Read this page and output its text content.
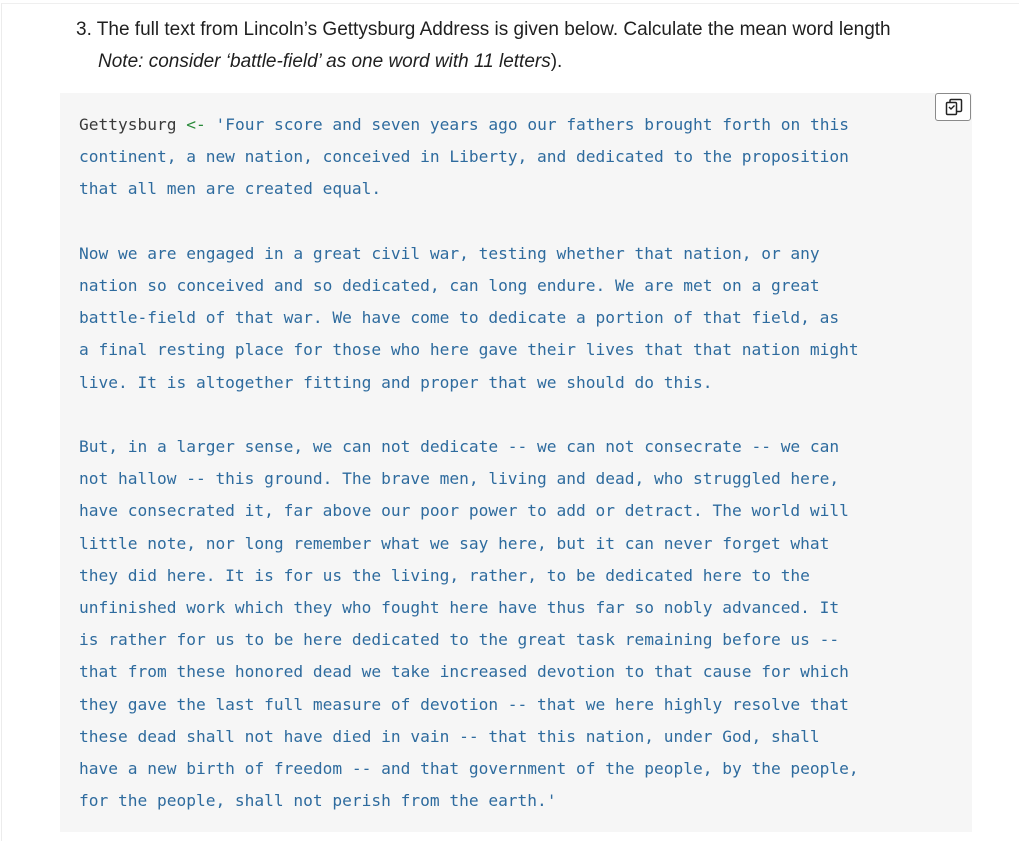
3. The full text from Lincoln’s Gettysburg Address is given below. Calculate the mean word length
Note: consider ‘battle-field’ as one word with 11 letters).
Gettysburg <- 'Four score and seven years ago our fathers brought forth on this
continent, a new nation, conceived in Liberty, and dedicated to the proposition
that all men are created equal.

Now we are engaged in a great civil war, testing whether that nation, or any
nation so conceived and so dedicated, can long endure. We are met on a great
battle-field of that war. We have come to dedicate a portion of that field, as
a final resting place for those who here gave their lives that that nation might
live. It is altogether fitting and proper that we should do this.

But, in a larger sense, we can not dedicate -- we can not consecrate -- we can
not hallow -- this ground. The brave men, living and dead, who struggled here,
have consecrated it, far above our poor power to add or detract. The world will
little note, nor long remember what we say here, but it can never forget what
they did here. It is for us the living, rather, to be dedicated here to the
unfinished work which they who fought here have thus far so nobly advanced. It
is rather for us to be here dedicated to the great task remaining before us --
that from these honored dead we take increased devotion to that cause for which
they gave the last full measure of devotion -- that we here highly resolve that
these dead shall not have died in vain -- that this nation, under God, shall
have a new birth of freedom -- and that government of the people, by the people,
for the people, shall not perish from the earth.'
